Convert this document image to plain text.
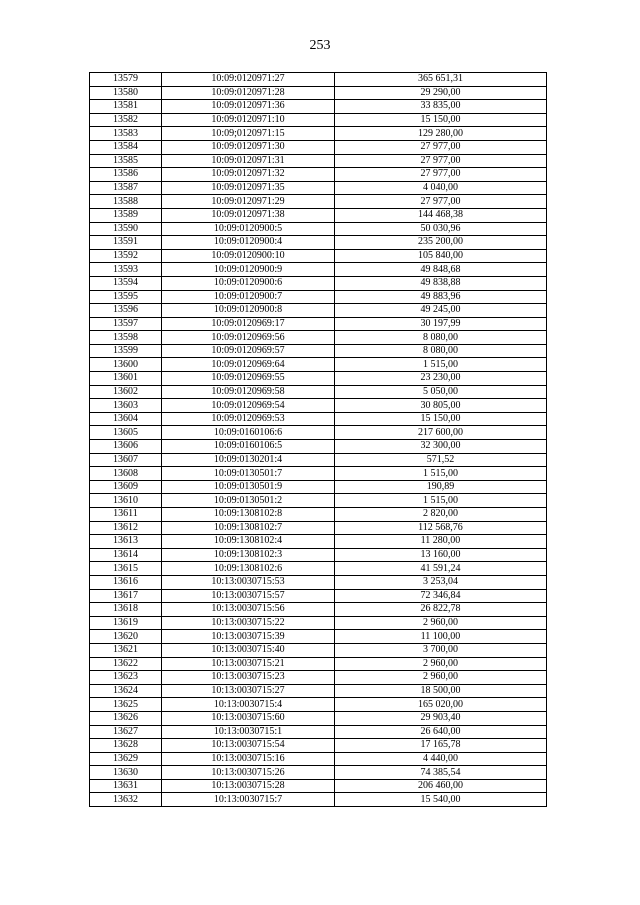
253
13579	10:09:0120971:27	365 651,31
13580	10:09:0120971:28	29 290,00
13581	10:09:0120971:36	33 835,00
13582	10:09:0120971:10	15 150,00
13583	10:09;0120971:15	129 280,00
13584	10:09:0120971:30	27 977,00
13585	10:09:0120971:31	27 977,00
13586	10:09:0120971:32	27 977,00
13587	10:09:0120971:35	4 040,00
13588	10:09:0120971:29	27 977,00
13589	10:09:0120971:38	144 468,38
13590	10:09:0120900:5	50 030,96
13591	10:09:0120900:4	235 200,00
13592	10:09:0120900:10	105 840,00
13593	10:09:0120900:9	49 848,68
13594	10:09:0120900:6	49 838,88
13595	10:09:0120900:7	49 883,96
13596	10:09:0120900:8	49 245,00
13597	10:09:0120969:17	30 197,99
13598	10:09:0120969:56	8 080,00
13599	10:09:0120969:57	8 080,00
13600	10:09:0120969:64	1 515,00
13601	10:09:0120969:55	23 230,00
13602	10:09:0120969:58	5 050,00
13603	10:09:0120969:54	30 805,00
13604	10:09:0120969:53	15 150,00
13605	10:09:0160106:6	217 600,00
13606	10:09:0160106:5	32 300,00
13607	10:09:0130201:4	571,52
13608	10:09:0130501:7	1 515,00
13609	10:09:0130501:9	190,89
13610	10:09:0130501:2	1 515,00
13611	10:09:1308102:8	2 820,00
13612	10:09:1308102:7	112 568,76
13613	10:09:1308102:4	11 280,00
13614	10:09:1308102:3	13 160,00
13615	10:09:1308102:6	41 591,24
13616	10:13:0030715:53	3 253,04
13617	10:13:0030715:57	72 346,84
13618	10:13:0030715:56	26 822,78
13619	10:13:0030715:22	2 960,00
13620	10:13:0030715:39	11 100,00
13621	10:13:0030715:40	3 700,00
13622	10:13:0030715:21	2 960,00
13623	10:13:0030715:23	2 960,00
13624	10:13:0030715:27	18 500,00
13625	10:13:0030715:4	165 020,00
13626	10:13:0030715:60	29 903,40
13627	10:13:0030715:1	26 640,00
13628	10:13:0030715:54	17 165,78
13629	10:13:0030715:16	4 440,00
13630	10:13:0030715:26	74 385,54
13631	10:13:0030715:28	206 460,00
13632	10:13:0030715:7	15 540,00
